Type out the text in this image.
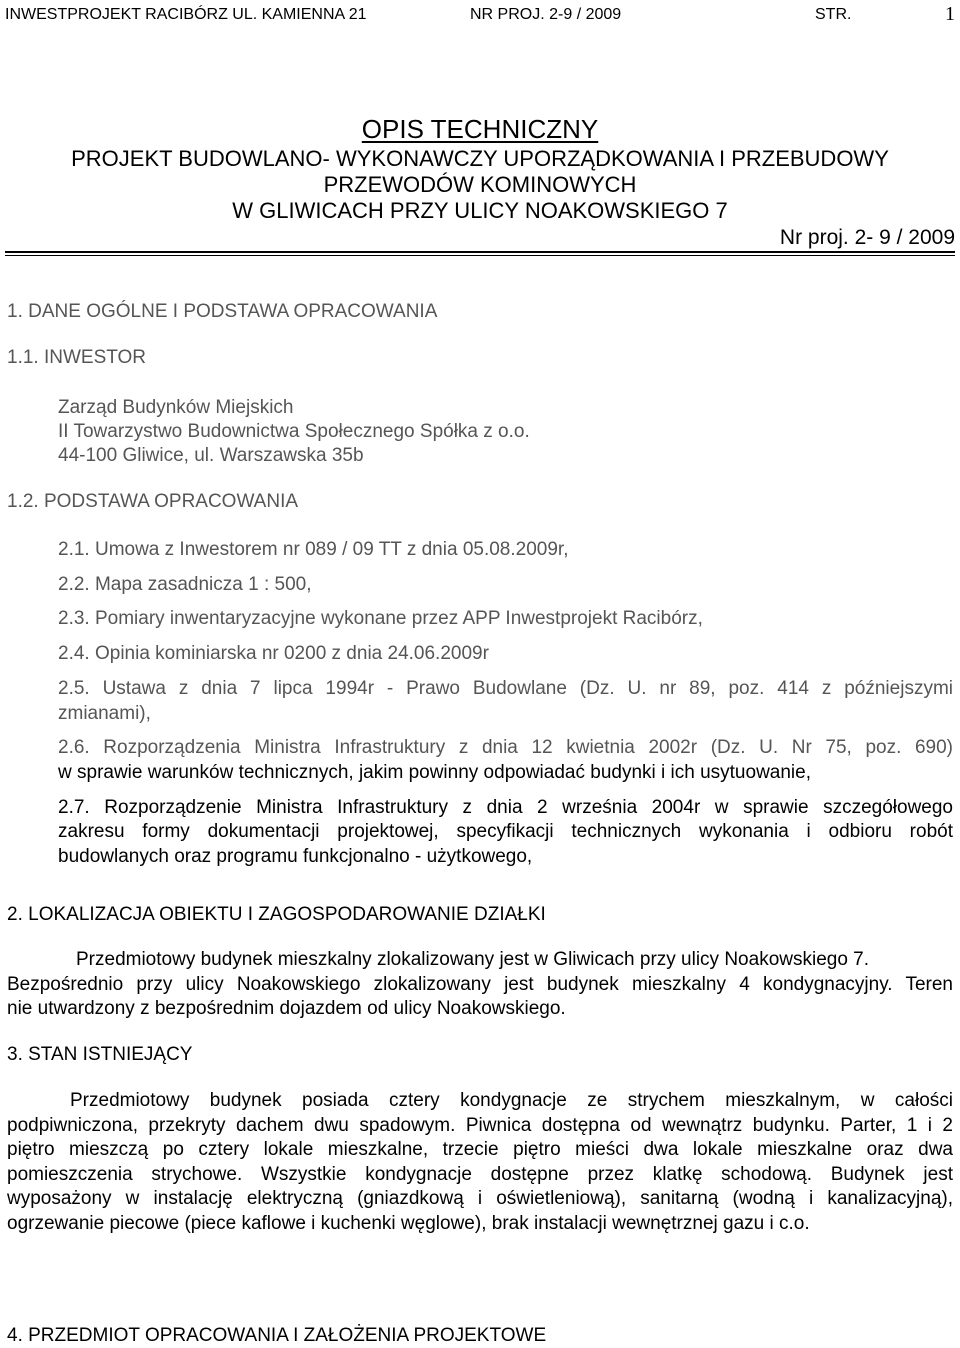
INWESTPROJEKT RACIBÓRZ UL. KAMIENNA 21	NR PROJ. 2-9 / 2009	STR.	1
OPIS TECHNICZNY
PROJEKT BUDOWLANO- WYKONAWCZY UPORZĄDKOWANIA I PRZEBUDOWY
PRZEWODÓW KOMINOWYCH
W GLIWICACH PRZY ULICY NOAKOWSKIEGO 7
Nr proj. 2- 9 / 2009
1. DANE OGÓLNE I PODSTAWA OPRACOWANIA
1.1. INWESTOR
Zarząd Budynków Miejskich
II Towarzystwo Budownictwa Społecznego Spółka z o.o.
44-100 Gliwice, ul. Warszawska 35b
1.2. PODSTAWA OPRACOWANIA
2.1. Umowa z Inwestorem nr 089 / 09 TT z dnia 05.08.2009r,
2.2. Mapa zasadnicza 1 : 500,
2.3. Pomiary inwentaryzacyjne wykonane przez APP Inwestprojekt Racibórz,
2.4. Opinia kominiarska nr 0200 z dnia 24.06.2009r
2.5. Ustawa z dnia 7 lipca 1994r - Prawo Budowlane (Dz. U. nr 89, poz. 414 z późniejszymi
zmianami),
2.6. Rozporządzenia Ministra Infrastruktury z dnia 12 kwietnia 2002r (Dz. U. Nr 75, poz. 690)
w sprawie warunków technicznych, jakim powinny odpowiadać budynki i ich usytuowanie,
2.7. Rozporządzenie Ministra Infrastruktury z dnia 2 września 2004r w sprawie szczegółowego
zakresu formy dokumentacji projektowej, specyfikacji technicznych wykonania i odbioru robót
budowlanych oraz programu funkcjonalno - użytkowego,
2. LOKALIZACJA OBIEKTU I ZAGOSPODAROWANIE DZIAŁKI
Przedmiotowy budynek mieszkalny zlokalizowany jest w Gliwicach przy ulicy Noakowskiego 7.
Bezpośrednio przy ulicy Noakowskiego zlokalizowany jest budynek mieszkalny 4 kondygnacyjny. Teren
nie utwardzony z bezpośrednim dojazdem od ulicy Noakowskiego.
3. STAN ISTNIEJĄCY
Przedmiotowy budynek posiada cztery kondygnacje ze strychem mieszkalnym, w całości
podpiwniczona, przekryty dachem dwu spadowym. Piwnica dostępna od wewnątrz budynku. Parter, 1 i 2
piętro mieszczą po cztery lokale mieszkalne, trzecie piętro mieści dwa lokale mieszkalne oraz dwa
pomieszczenia strychowe. Wszystkie kondygnacje dostępne przez klatkę schodową. Budynek jest
wyposażony w instalację elektryczną (gniazdkową i oświetleniową), sanitarną (wodną i kanalizacyjną),
ogrzewanie piecowe (piece kaflowe i kuchenki węglowe), brak instalacji wewnętrznej gazu i c.o.
4. PRZEDMIOT OPRACOWANIA I ZAŁOŻENIA PROJEKTOWE
